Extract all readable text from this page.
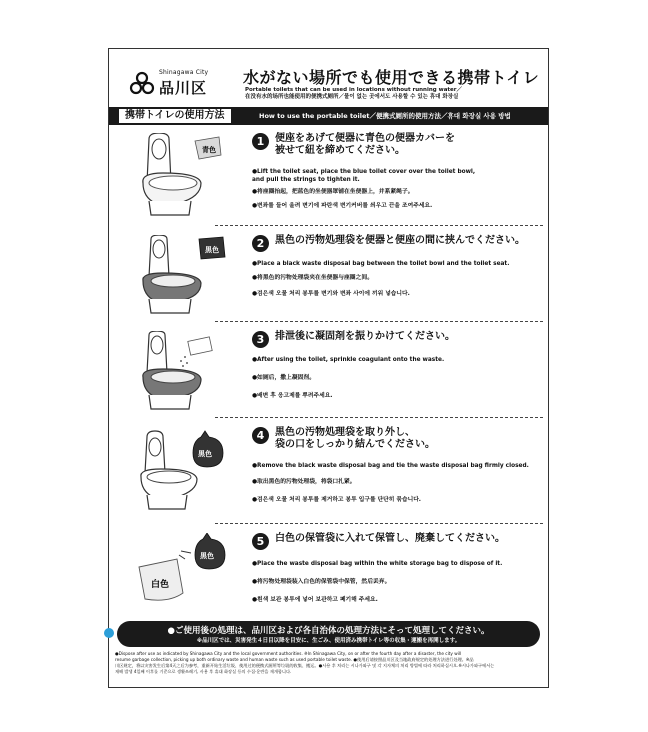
Shinagawa City
品川区
水がない場所でも使用できる携帯トイレ
Portable toilets that can be used in locations without running water／
在没有水的场所也能使用的便携式厕所／물이 없는 곳에서도 사용할 수 있는 휴대 화장실
携帯トイレの使用方法	How to use the portable toilet／便携式厕所的使用方法／휴대 화장실 사용 방법
青色
1	便座をあげて便器に青色の便器カバーを
被せて紐を締めてください。
●Lift the toilet seat, place the blue toilet cover over the toilet bowl,
and pull the strings to tighten it.
●将座圈抬起，把蓝色的坐便器罩铺在坐便器上，并系紧绳子。
●변좌를 들어 올려 변기에 파란색 변기커버를 씌우고 끈을 조여주세요.
黒色	2	黒色の汚物処理袋を便器と便座の間に挟んでください。
●Place a black waste disposal bag between the toilet bowl and the toilet seat.
●将黑色的污物处理袋夹在坐便器与座圈之间。
●검은색 오물 처리 봉투를 변기와 변좌 사이에 끼워 넣습니다.
3	排泄後に凝固剤を振りかけてください。
●After using the toilet, sprinkle coagulant onto the waste.
●如厕后，撒上凝固剂。
●배변 후 응고제를 뿌려주세요.
黒色
4	黒色の汚物処理袋を取り外し、
袋の口をしっかり結んでください。
●Remove the black waste disposal bag and tie the waste disposal bag firmly closed.
●取出黑色的污物处理袋，将袋口扎紧。
●검은색 오물 처리 봉투를 제거하고 봉투 입구를 단단히 묶습니다.
白色
黒色
5	白色の保管袋に入れて保管し、廃棄してください。
●Place the waste disposal bag within the white storage bag to dispose of it.
●将污物处理袋装入白色的保管袋中保管，然后丢弃。
●흰색 보관 봉투에 넣어 보관하고 폐기해 주세요.
●ご使用後の処理は、品川区および各自治体の処理方法にそって処理してください。
※品川区では、災害発生４日目以降を目安に、生ごみ、使用済み携帯トイレ等の収集・運搬を再開します。
●Dispose after use as indicated by Shinagawa City and the local government authorities. ※In Shinagawa City, on or after the fourth day after a disaster, the city will
resume garbage collection, picking up both ordinary waste and human waste such as used portable toilet waste. ●使用后请按照品川区及当地政府规定的处理方法进行处理。※品
川区规定，将以灾害发生后第4天之后为参考，重新开始生活垃圾、使用过的便携式厕所等垃圾的收集、搬运。●사용 후 처리는 시나가와구 및 각 지자체의 처리 방법에 따라 처리하십시오.※시나가와구에서는
재해 발생 4일째 이후를 기준으로 생활쓰레기, 사용 후 휴대 화장실 등의 수집·운반을 재개합니다.
